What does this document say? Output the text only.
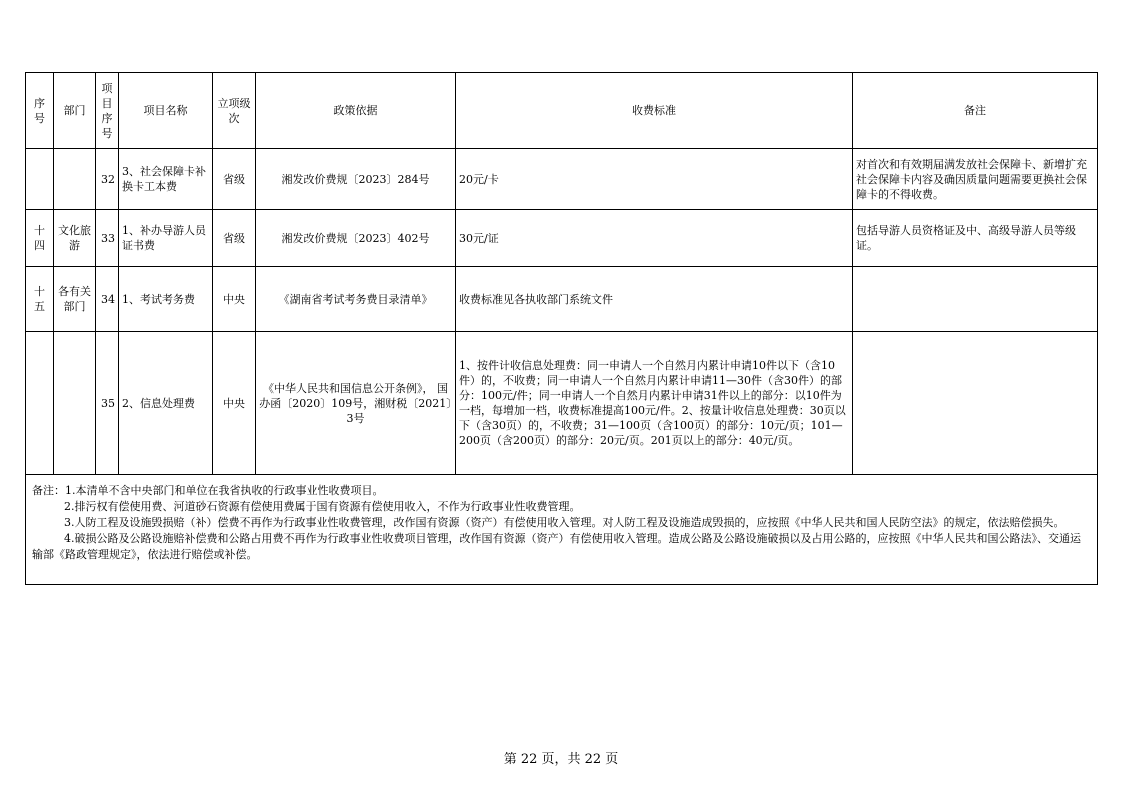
序号	部门	项目序号	项目名称	立项级次	政策依据	收费标准	备注
		32	3、社会保障卡补换卡工本费	省级	湘发改价费规〔2023〕284号	20元/卡	对首次和有效期届满发放社会保障卡、新增扩充社会保障卡内容及确因质量问题需要更换社会保障卡的不得收费。
十四	文化旅游	33	1、补办导游人员证书费	省级	湘发改价费规〔2023〕402号	30元/证	包括导游人员资格证及中、高级导游人员等级证。
十五	各有关部门	34	1、考试考务费	中央	《湖南省考试考务费目录清单》	收费标准见各执收部门系统文件	
		35	2、信息处理费	中央	《中华人民共和国信息公开条例》， 国办函〔2020〕109号，湘财税〔2021〕3号	1、按件计收信息处理费：同一申请人一个自然月内累计申请10件以下（含10件）的，不收费；同一申请人一个自然月内累计申请11—30件（含30件）的部分：100元/件；同一申请人一个自然月内累计申请31件以上的部分：以10件为一档，每增加一档，收费标准提高100元/件。2、按量计收信息处理费：30页以下（含30页）的，不收费；31—100页（含100页）的部分：10元/页；101—200页（含200页）的部分：20元/页。201页以上的部分：40元/页。	

备注：1.本清单不含中央部门和单位在我省执收的行政事业性收费项目。
2.排污权有偿使用费、河道砂石资源有偿使用费属于国有资源有偿使用收入，不作为行政事业性收费管理。
3.人防工程及设施毁损赔（补）偿费不再作为行政事业性收费管理，改作国有资源（资产）有偿使用收入管理。对人防工程及设施造成毁损的，应按照《中华人民共和国人民防空法》的规定，依法赔偿损失。
4.破损公路及公路设施赔补偿费和公路占用费不再作为行政事业性收费项目管理，改作国有资源（资产）有偿使用收入管理。造成公路及公路设施破损以及占用公路的，应按照《中华人民共和国公路法》、交通运输部《路政管理规定》，依法进行赔偿或补偿。							
第 22 页，共 22 页
